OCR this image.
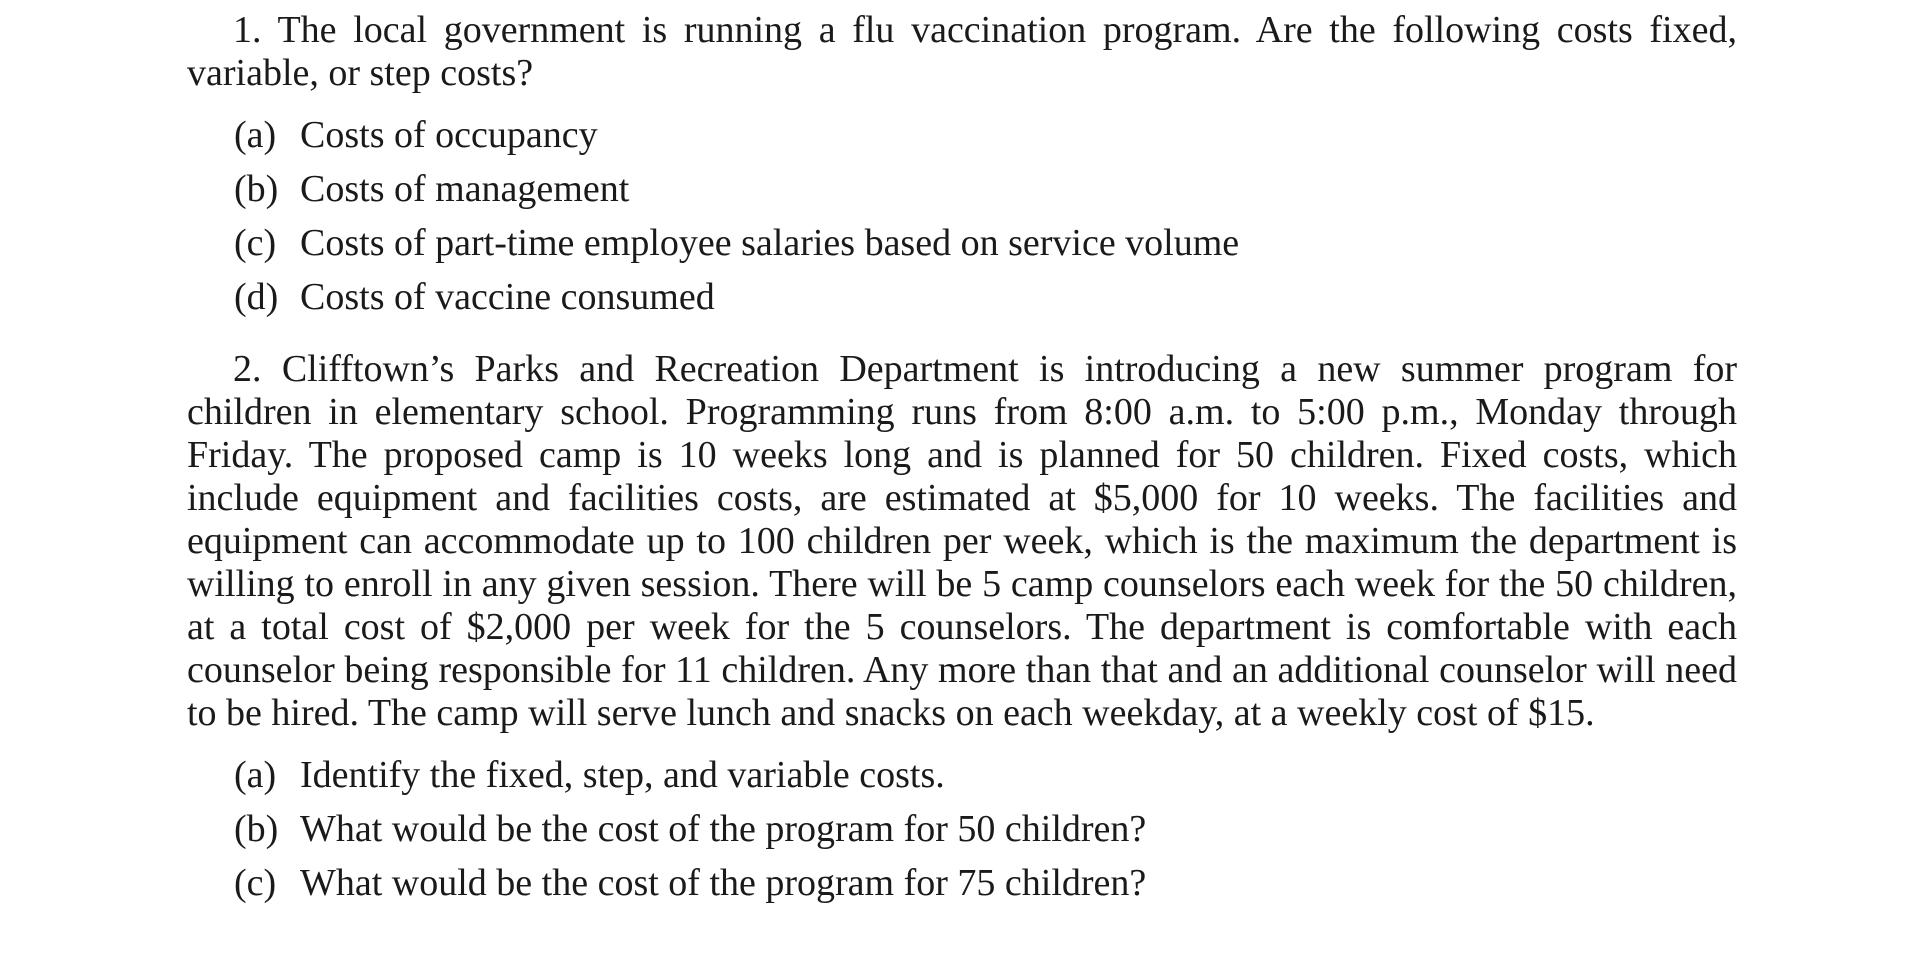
1. The local government is running a flu vaccination program. Are the following costs fixed, variable, or step costs?

(a) Costs of occupancy
(b) Costs of management
(c) Costs of part-time employee salaries based on service volume
(d) Costs of vaccine consumed

2. Clifftown’s Parks and Recreation Department is introducing a new summer program for children in elementary school. Programming runs from 8:00 a.m. to 5:00 p.m., Monday through Friday. The proposed camp is 10 weeks long and is planned for 50 children. Fixed costs, which include equipment and facilities costs, are estimated at $5,000 for 10 weeks. The facilities and equipment can accommodate up to 100 children per week, which is the maximum the department is willing to enroll in any given session. There will be 5 camp counselors each week for the 50 children, at a total cost of $2,000 per week for the 5 counselors. The department is comfortable with each counselor being responsible for 11 children. Any more than that and an additional counselor will need to be hired. The camp will serve lunch and snacks on each weekday, at a weekly cost of $15.

(a) Identify the fixed, step, and variable costs.
(b) What would be the cost of the program for 50 children?
(c) What would be the cost of the program for 75 children?
